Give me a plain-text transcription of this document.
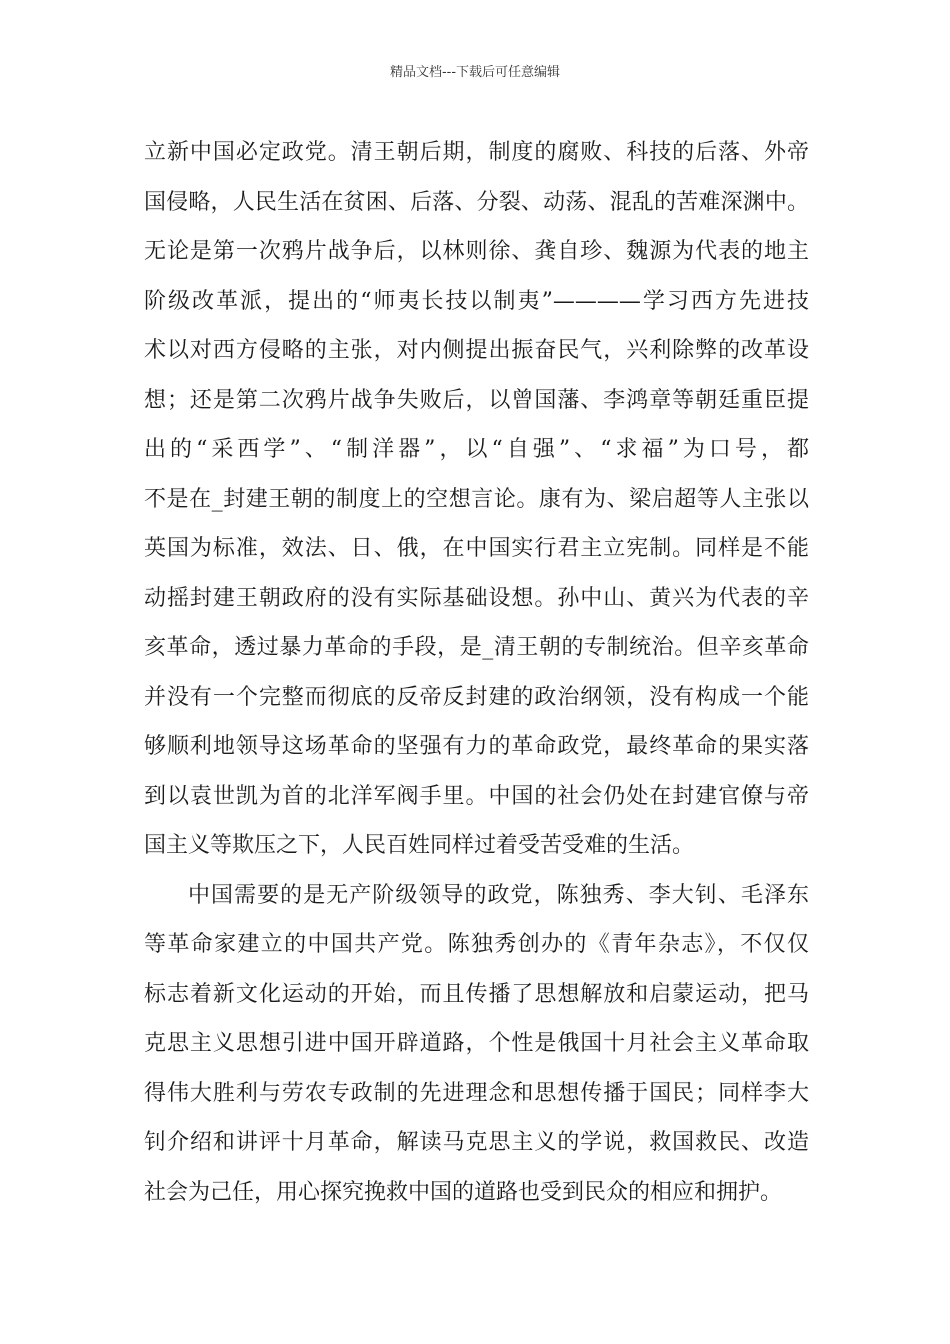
精品文档---下载后可任意编辑
立新中国必定政党。清王朝后期，制度的腐败、科技的后落、外帝
国侵略，人民生活在贫困、后落、分裂、动荡、混乱的苦难深渊中。
无论是第一次鸦片战争后，以林则徐、龚自珍、魏源为代表的地主
阶级改革派，提出的“师夷长技以制夷”————学习西方先进技
术以对西方侵略的主张，对内侧提出振奋民气，兴利除弊的改革设
想；还是第二次鸦片战争失败后，以曾国藩、李鸿章等朝廷重臣提
出的“采西学”、“制洋器”，以“自强”、“求福”为口号，都
不是在_封建王朝的制度上的空想言论。康有为、梁启超等人主张以
英国为标准，效法、日、俄，在中国实行君主立宪制。同样是不能
动摇封建王朝政府的没有实际基础设想。孙中山、黄兴为代表的辛
亥革命，透过暴力革命的手段，是_清王朝的专制统治。但辛亥革命
并没有一个完整而彻底的反帝反封建的政治纲领，没有构成一个能
够顺利地领导这场革命的坚强有力的革命政党，最终革命的果实落
到以袁世凯为首的北洋军阀手里。中国的社会仍处在封建官僚与帝
国主义等欺压之下，人民百姓同样过着受苦受难的生活。
中国需要的是无产阶级领导的政党，陈独秀、李大钊、毛泽东
等革命家建立的中国共产党。陈独秀创办的《青年杂志》，不仅仅
标志着新文化运动的开始，而且传播了思想解放和启蒙运动，把马
克思主义思想引进中国开辟道路，个性是俄国十月社会主义革命取
得伟大胜利与劳农专政制的先进理念和思想传播于国民；同样李大
钊介绍和讲评十月革命，解读马克思主义的学说，救国救民、改造
社会为己任，用心探究挽救中国的道路也受到民众的相应和拥护。
